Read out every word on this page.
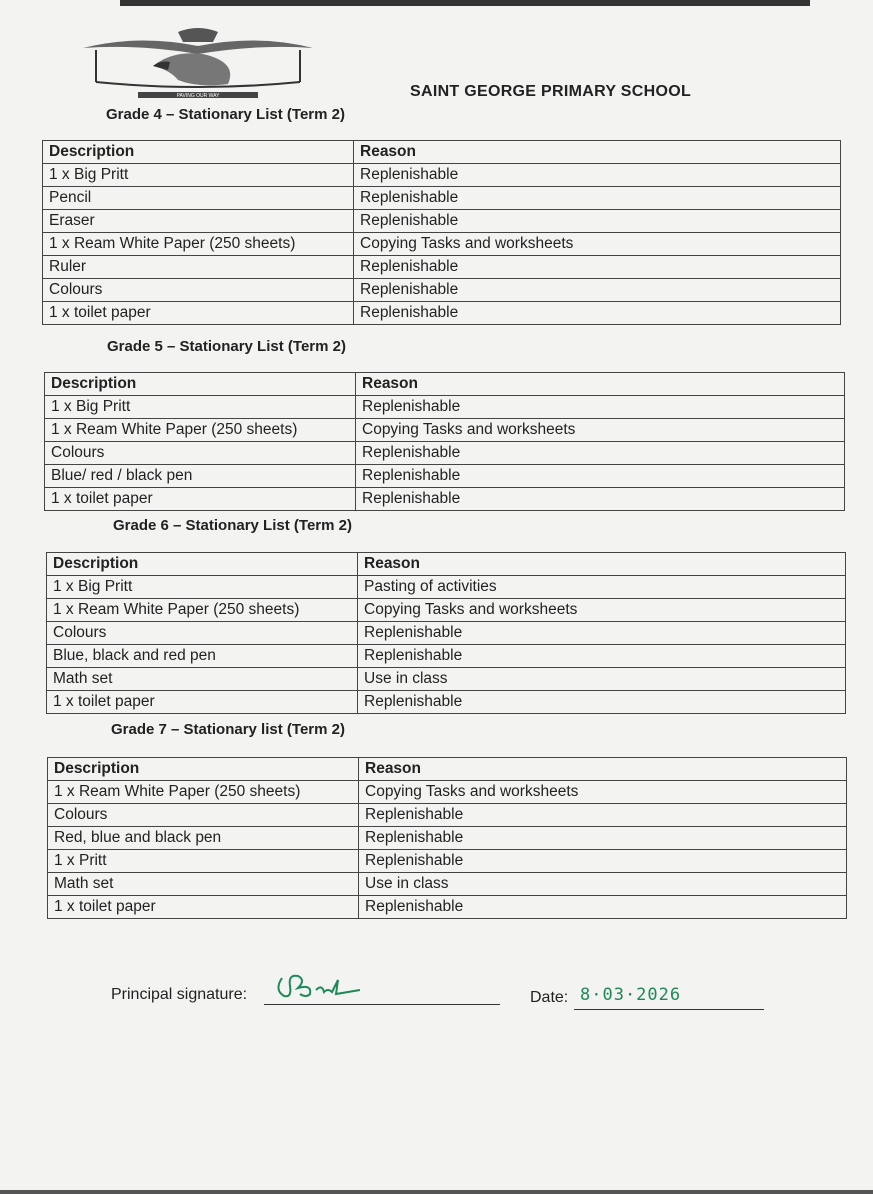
PAVING OUR WAY	SAINT GEORGE PRIMARY SCHOOL
Grade 4 – Stationary List (Term 2)
Description	Reason
1 x Big Pritt	Replenishable
Pencil	Replenishable
Eraser	Replenishable
1 x Ream White Paper (250 sheets)	Copying Tasks and worksheets
Ruler	Replenishable
Colours	Replenishable
1 x toilet paper	Replenishable
Grade 5 – Stationary List (Term 2)
Description	Reason
1 x Big Pritt	Replenishable
1 x Ream White Paper (250 sheets)	Copying Tasks and worksheets
Colours	Replenishable
Blue/ red / black pen	Replenishable
1 x toilet paper	Replenishable
Grade 6 – Stationary List (Term 2)
Description	Reason
1 x Big Pritt	Pasting of activities
1 x Ream White Paper (250 sheets)	Copying Tasks and worksheets
Colours	Replenishable
Blue, black and red pen	Replenishable
Math set	Use in class
1 x toilet paper	Replenishable
Grade 7 – Stationary list (Term 2)
Description	Reason
1 x Ream White Paper (250 sheets)	Copying Tasks and worksheets
Colours	Replenishable
Red, blue and black pen	Replenishable
1 x Pritt	Replenishable
Math set	Use in class
1 x toilet paper	Replenishable
Principal signature:	Date: 8·03·2026
